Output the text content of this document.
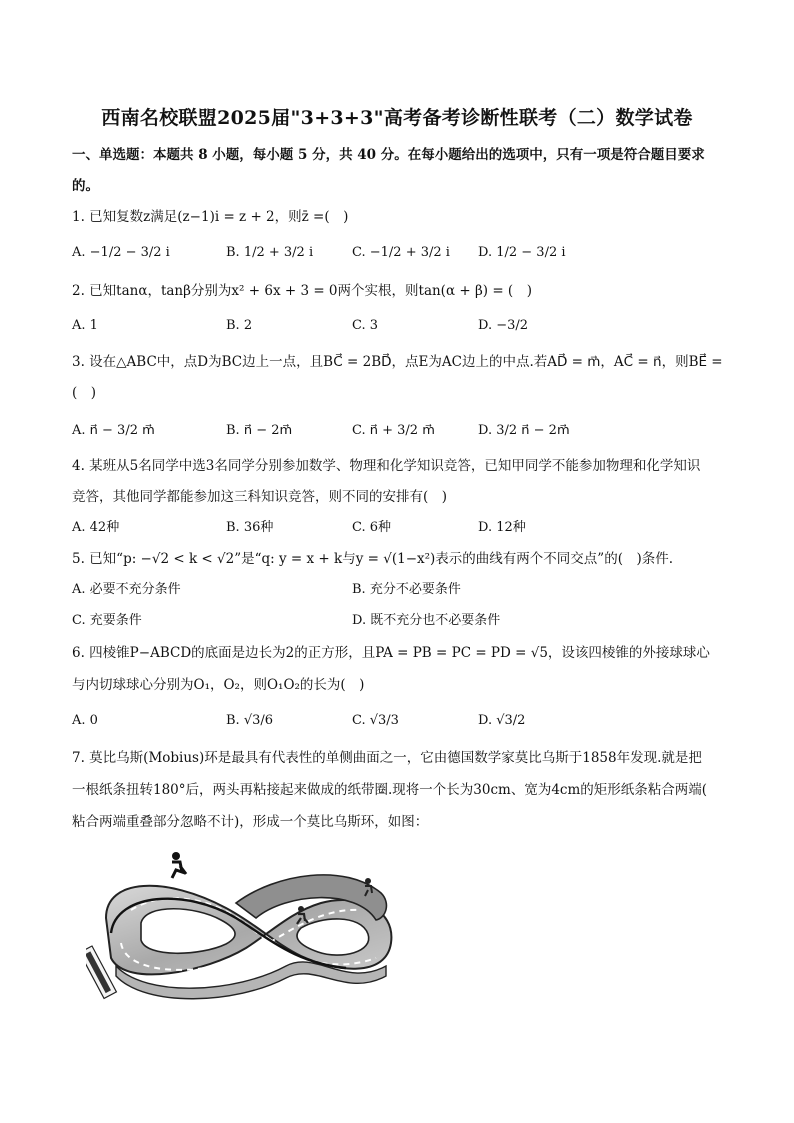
西南名校联盟2025届"3+3+3"高考备考诊断性联考（二）数学试卷
一、单选题：本题共 8 小题，每小题 5 分，共 40 分。在每小题给出的选项中，只有一项是符合题目要求
的。
1. 已知复数z满足(z−1)i = z + 2，则z̄ =(　)
A. −1/2 − 3/2 i	B. 1/2 + 3/2 i	C. −1/2 + 3/2 i D. 1/2 − 3/2 i
2. 已知tanα，tanβ分别为x² + 6x + 3 = 0两个实根，则tan(α + β) = (　)
A. 1	B. 2	C. 3	D. −3/2
3. 设在△ABC中，点D为BC边上一点，且BC⃗ = 2BD⃗，点E为AC边上的中点.若AD⃗ = m⃗，AC⃗ = n⃗，则BE⃗ =
(　)
A. n⃗ − 3/2 m⃗	B. n⃗ − 2m⃗	C. n⃗ + 3/2 m⃗	D. 3/2 n⃗ − 2m⃗
4. 某班从5名同学中选3名同学分别参加数学、物理和化学知识竞答，已知甲同学不能参加物理和化学知识
竞答，其他同学都能参加这三科知识竞答，则不同的安排有(　)
A. 42种	B. 36种	C. 6种	D. 12种
5. 已知“p: −√2 < k < √2”是“q: y = x + k与y = √(1−x²)表示的曲线有两个不同交点”的(　)条件.
A. 必要不充分条件	B. 充分不必要条件
C. 充要条件	D. 既不充分也不必要条件
6. 四棱锥P−ABCD的底面是边长为2的正方形，且PA = PB = PC = PD = √5，设该四棱锥的外接球球心
与内切球球心分别为O₁，O₂，则O₁O₂的长为(　)
A. 0	B. √3/6	C. √3/3	D. √3/2
7. 莫比乌斯(Mobius)环是最具有代表性的单侧曲面之一，它由德国数学家莫比乌斯于1858年发现.就是把
一根纸条扭转180°后，两头再粘接起来做成的纸带圈.现将一个长为30cm、宽为4cm的矩形纸条粘合两端(
粘合两端重叠部分忽略不计)，形成一个莫比乌斯环，如图：
